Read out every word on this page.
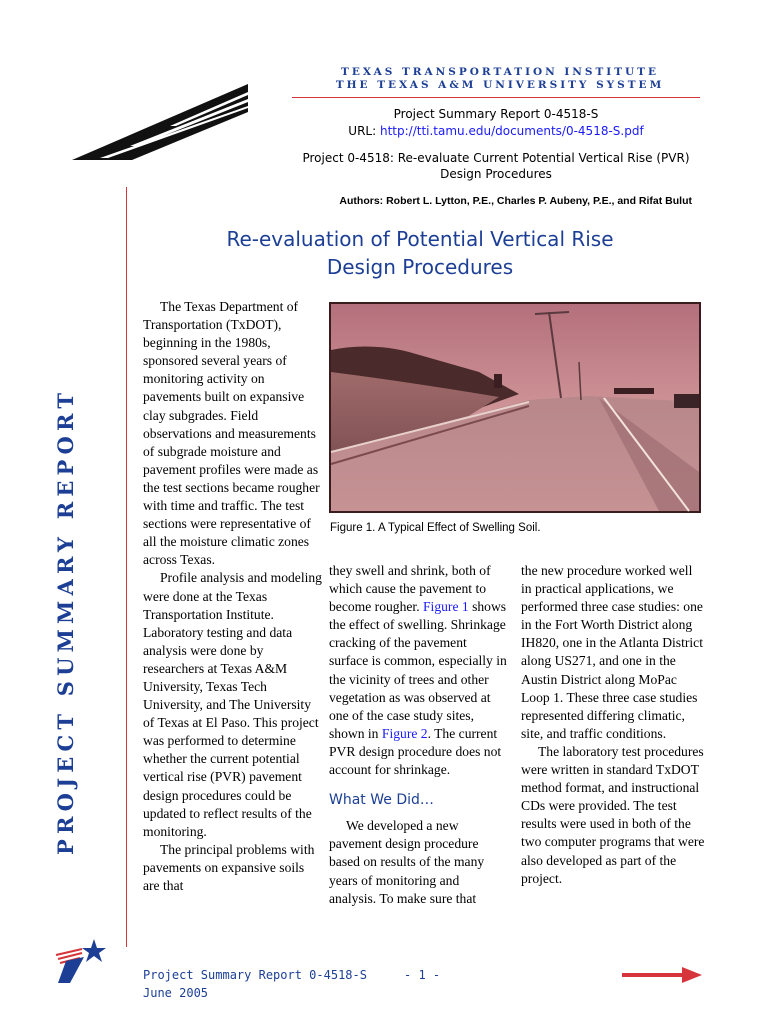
TEXAS TRANSPORTATION INSTITUTE
THE TEXAS A&M UNIVERSITY SYSTEM
Project Summary Report 0-4518-S
URL: http://tti.tamu.edu/documents/0-4518-S.pdf
Project 0-4518: Re-evaluate Current Potential Vertical Rise (PVR)
Design Procedures
Authors: Robert L. Lytton, P.E., Charles P. Aubeny, P.E., and Rifat Bulut
PROJECT SUMMARY REPORT
Re-evaluation of Potential Vertical Rise
Design Procedures

The Texas Department of Transportation (TxDOT), beginning in the 1980s, sponsored several years of monitoring activity on pavements built on expansive clay subgrades. Field observations and measurements of subgrade moisture and pavement profiles were made as the test sections became rougher with time and traffic. The test sections were representative of all the moisture climatic zones across Texas.

Profile analysis and modeling were done at the Texas Transportation Institute. Laboratory testing and data analysis were done by researchers at Texas A&M University, Texas Tech University, and The University of Texas at El Paso. This project was performed to determine whether the current potential vertical rise (PVR) pavement design procedures could be updated to reflect results of the monitoring.

The principal problems with pavements on expansive soils are that

Figure 1. A Typical Effect of Swelling Soil.

they swell and shrink, both of which cause the pavement to become rougher. Figure 1 shows the effect of swelling. Shrinkage cracking of the pavement surface is common, especially in the vicinity of trees and other vegetation as was observed at one of the case study sites, shown in Figure 2. The current PVR design procedure does not account for shrinkage.

What We Did…

We developed a new pavement design procedure based on results of the many years of monitoring and analysis. To make sure that

the new procedure worked well in practical applications, we performed three case studies: one in the Fort Worth District along IH820, one in the Atlanta District along US271, and one in the Austin District along MoPac Loop 1. These three case studies represented differing climatic, site, and traffic conditions.

The laboratory test procedures were written in standard TxDOT method format, and instructional CDs were provided. The test results were used in both of the two computer programs that were also developed as part of the project.

Project Summary Report 0-4518-S
June 2005
- 1 -
